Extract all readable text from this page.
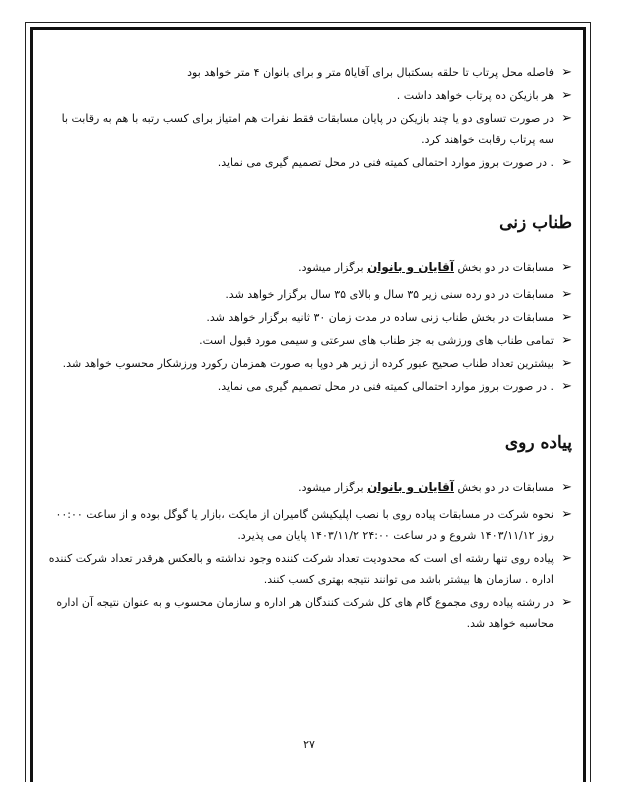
➢
فاصله محل پرتاب تا حلقه بسکتبال برای آقایا۵ متر و برای بانوان ۴ متر خواهد بود
➢
هر بازیکن ده پرتاب خواهد داشت .
➢
در صورت تساوی دو یا چند بازیکن در پایان مسابقات فقط نفرات هم امتیاز برای کسب رتبه با هم به رقابت با سه پرتاب رقابت خواهند کرد.
➢
. در صورت بروز موارد احتمالی کمیته فنی در محل تصمیم گیری می نماید.
طناب زنی
➢
مسابقات در دو بخش آقایان و بانوان برگزار میشود.
➢
مسابقات در دو رده سنی زیر ۳۵ سال و بالای ۳۵ سال برگزار خواهد شد.
➢
مسابقات در بخش طناب زنی ساده در مدت زمان ۳۰ ثانیه برگزار خواهد شد.
➢
تمامی طناب های ورزشی به جز طناب های سرعتی و سیمی مورد قبول است.
➢
بیشترین تعداد طناب صحیح عبور کرده از زیر هر دوپا به صورت همزمان رکورد ورزشکار محسوب خواهد شد.
➢
. در صورت بروز موارد احتمالی کمیته فنی در محل تصمیم گیری می نماید.
پیاده روی
➢
مسابقات در دو بخش آقایان و بانوان برگزار میشود.
➢
نحوه شرکت در مسابقات پیاده روی با نصب اپلیکیشن گامیران از مایکت ،بازار یا گوگل بوده و از ساعت ۰۰:۰۰ روز ۱۴۰۳/۱۱/۱۲ شروع و در ساعت ۲۴:۰۰ ۱۴۰۳/۱۱/۲ پایان می پذیرد.
➢
پیاده روی تنها رشته ای است که محدودیت تعداد شرکت کننده وجود نداشته و بالعکس هرقدر تعداد شرکت کننده اداره . سازمان ها بیشتر باشد می توانند نتیجه بهتری کسب کنند.
➢
در رشته پیاده روی مجموع گام های کل شرکت کنندگان هر اداره و سازمان محسوب و به عنوان نتیجه آن اداره محاسبه خواهد شد.
۲۷
